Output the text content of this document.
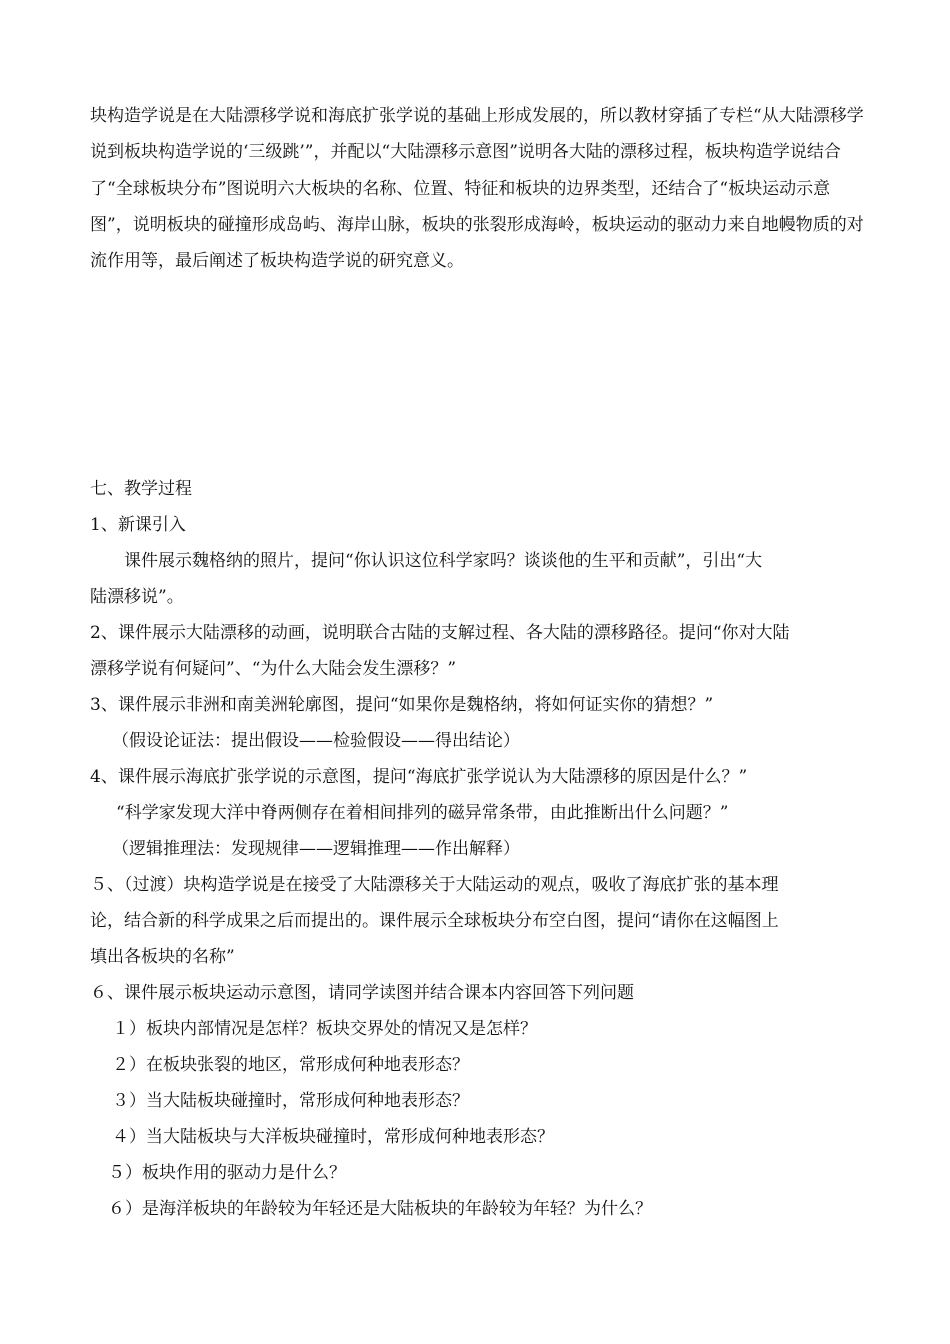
块构造学说是在大陆漂移学说和海底扩张学说的基础上形成发展的，所以教材穿插了专栏“从大陆漂移学说到板块构造学说的‘三级跳’”，并配以“大陆漂移示意图”说明各大陆的漂移过程，板块构造学说结合了“全球板块分布”图说明六大板块的名称、位置、特征和板块的边界类型，还结合了“板块运动示意图”，说明板块的碰撞形成岛屿、海岸山脉，板块的张裂形成海岭，板块运动的驱动力来自地幔物质的对流作用等，最后阐述了板块构造学说的研究意义。

七、教学过程
1、新课引入
课件展示魏格纳的照片，提问“你认识这位科学家吗？谈谈他的生平和贡献”，引出“大
陆漂移说”。
2、课件展示大陆漂移的动画，说明联合古陆的支解过程、各大陆的漂移路径。提问“你对大陆
漂移学说有何疑问”、“为什么大陆会发生漂移？”
3、课件展示非洲和南美洲轮廓图，提问“如果你是魏格纳，将如何证实你的猜想？”
（假设论证法：提出假设——检验假设——得出结论）
4、课件展示海底扩张学说的示意图，提问“海底扩张学说认为大陆漂移的原因是什么？”
“科学家发现大洋中脊两侧存在着相间排列的磁异常条带，由此推断出什么问题？”
（逻辑推理法：发现规律——逻辑推理——作出解释）
５、（过渡）块构造学说是在接受了大陆漂移关于大陆运动的观点，吸收了海底扩张的基本理
论，结合新的科学成果之后而提出的。课件展示全球板块分布空白图，提问“请你在这幅图上
填出各板块的名称”
６、课件展示板块运动示意图，请同学读图并结合课本内容回答下列问题
１）板块内部情况是怎样？板块交界处的情况又是怎样？
２）在板块张裂的地区，常形成何种地表形态？
３）当大陆板块碰撞时，常形成何种地表形态？
４）当大陆板块与大洋板块碰撞时，常形成何种地表形态？
５）板块作用的驱动力是什么？
６）是海洋板块的年龄较为年轻还是大陆板块的年龄较为年轻？为什么？
